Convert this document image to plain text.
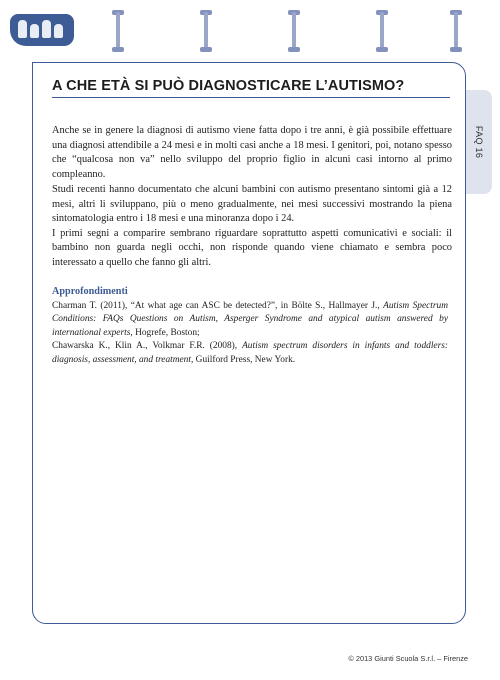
A CHE ETÀ SI PUÒ DIAGNOSTICARE L’AUTISMO?
FAQ 16

Anche se in genere la diagnosi di autismo viene fatta dopo i tre anni, è già possibile effettuare una diagnosi attendibile a 24 mesi e in molti casi anche a 18 mesi. I genitori, poi, notano spesso che “qualcosa non va” nello sviluppo del proprio figlio in alcuni casi intorno al primo compleanno.

Studi recenti hanno documentato che alcuni bambini con autismo presentano sintomi già a 12 mesi, altri li sviluppano, più o meno gradualmente, nei mesi successivi mostrando la piena sintomatologia entro i 18 mesi e una minoranza dopo i 24.

I primi segni a comparire sembrano riguardare soprattutto aspetti comunicativi e sociali: il bambino non guarda negli occhi, non risponde quando viene chiamato e sembra poco interessato a quello che fanno gli altri.

Approfondimenti

Charman T. (2011), “At what age can ASC be detected?”, in Bölte S., Hallmayer J., Autism Spectrum Conditions: FAQs Questions on Autism, Asperger Syndrome and atypical autism answered by international experts, Hogrefe, Boston;

Chawarska K., Klin A., Volkmar F.R. (2008), Autism spectrum disorders in infants and toddlers: diagnosis, assessment, and treatment, Guilford Press, New York.

© 2013 Giunti Scuola S.r.l. – Firenze
